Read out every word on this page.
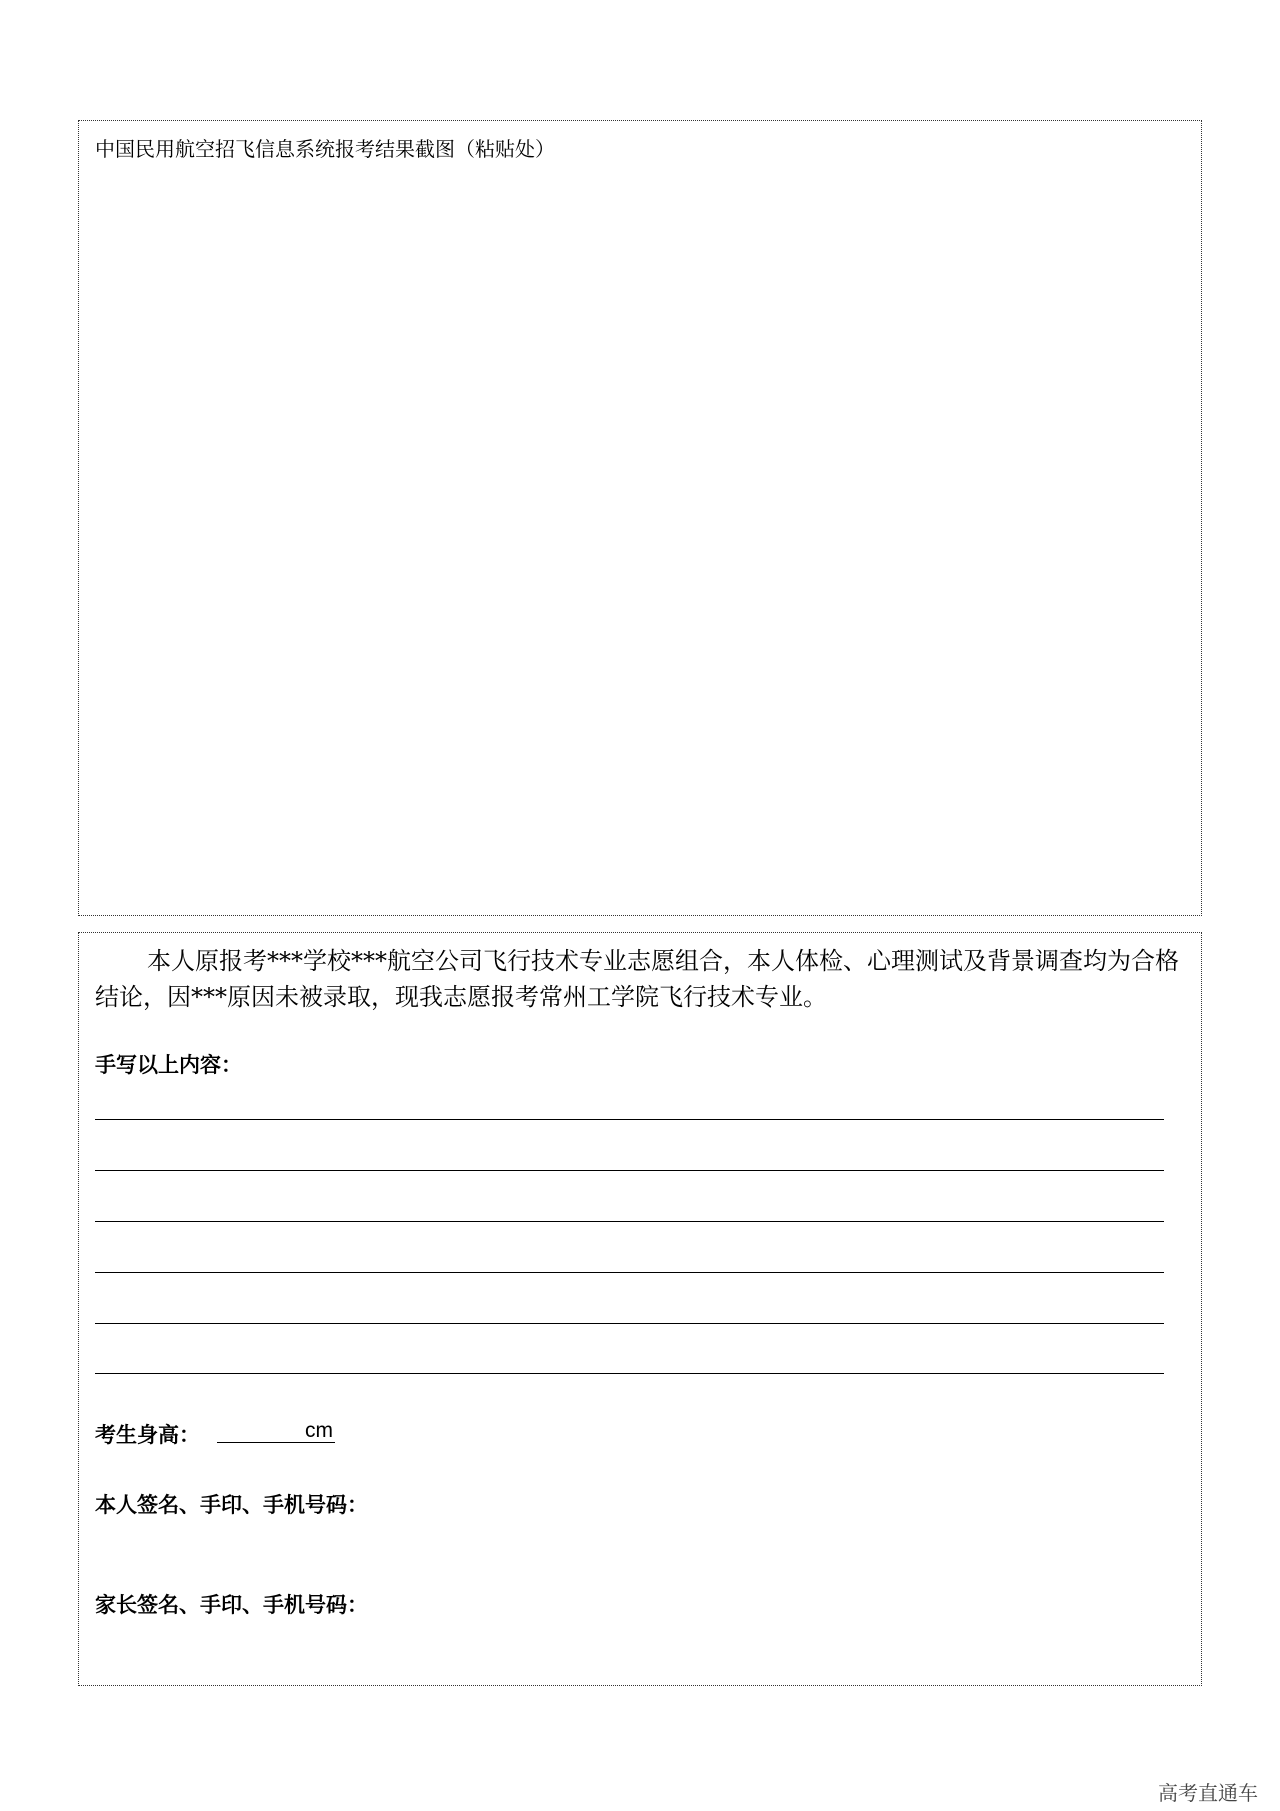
中国民用航空招飞信息系统报考结果截图（粘贴处）

本人原报考***学校***航空公司飞行技术专业志愿组合，本人体检、心理测试及背景调查均为合格结论，因***原因未被录取，现我志愿报考常州工学院飞行技术专业。

手写以上内容：
考生身高：	cm
本人签名、手印、手机号码：
家长签名、手印、手机号码：
高考直通车
